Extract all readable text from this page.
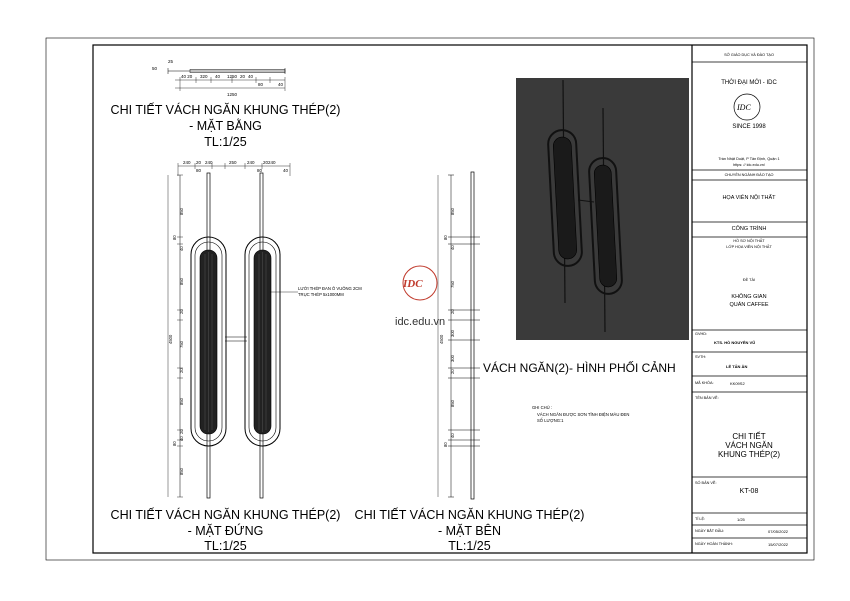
25
50
40 20 320 40 1250 20 40
80	40
1250
240 20 240	250 240 20 240
80	80	40
80
40
850
20
850
750
20
850
20
40
80
850
4500
80
40
850
20
300
750
300
20
850
40
80
4500
IDC
IDC
CHI TIẾT VÁCH NGĂN KHUNG THÉP(2)
- MẶT BẰNG
TL:1/25
CHI TIẾT VÁCH NGĂN KHUNG THÉP(2)
- MẶT ĐỨNG
TL:1/25
CHI TIẾT VÁCH NGĂN KHUNG THÉP(2)
- MẶT BÊN
TL:1/25
VÁCH NGĂN(2)- HÌNH PHỐI CẢNH
LƯỚI THÉP ĐAN Ô VUÔNG 2CM
TRỤC THÉP 5x1000MM
idc.edu.vn
GHI CHÚ :
VÁCH NGĂN ĐƯỢC SƠN TĨNH ĐIỆN MÀU ĐEN
SỐ LƯỢNG:1
SỞ GIÁO DỤC VÀ ĐÀO TẠO
THỜI ĐẠI MỚI - IDC
SINCE 1998
Trần Nhật Duật, P Tân Định, Quận 1
https: // idc.edu.vn/
CHUYÊN NGÀNH ĐÀO TẠO
HỌA VIÊN NỘI THẤT
CÔNG TRÌNH
HỒ SƠ NỘI THẤT
LỚP HỌA VIÊN NỘI THẤT
ĐỀ TÀI
KHÔNG GIAN
QUÁN CAFFEE
GVHD:
KTS. HỒ NGUYÊN VŨ
SVTH:
LÊ TẤN ÂN
MÃ KHÓA:	KK09S2
TÊN BẢN VẼ:
CHI TIẾT
VÁCH NGĂN
KHUNG THÉP(2)
SỐ BẢN VẼ:
KT-08
TỈ LỆ:	1/25
NGÀY BẮT ĐẦU:	07/05/2022
NGÀY HOÀN THÀNH:	15/07/2022
